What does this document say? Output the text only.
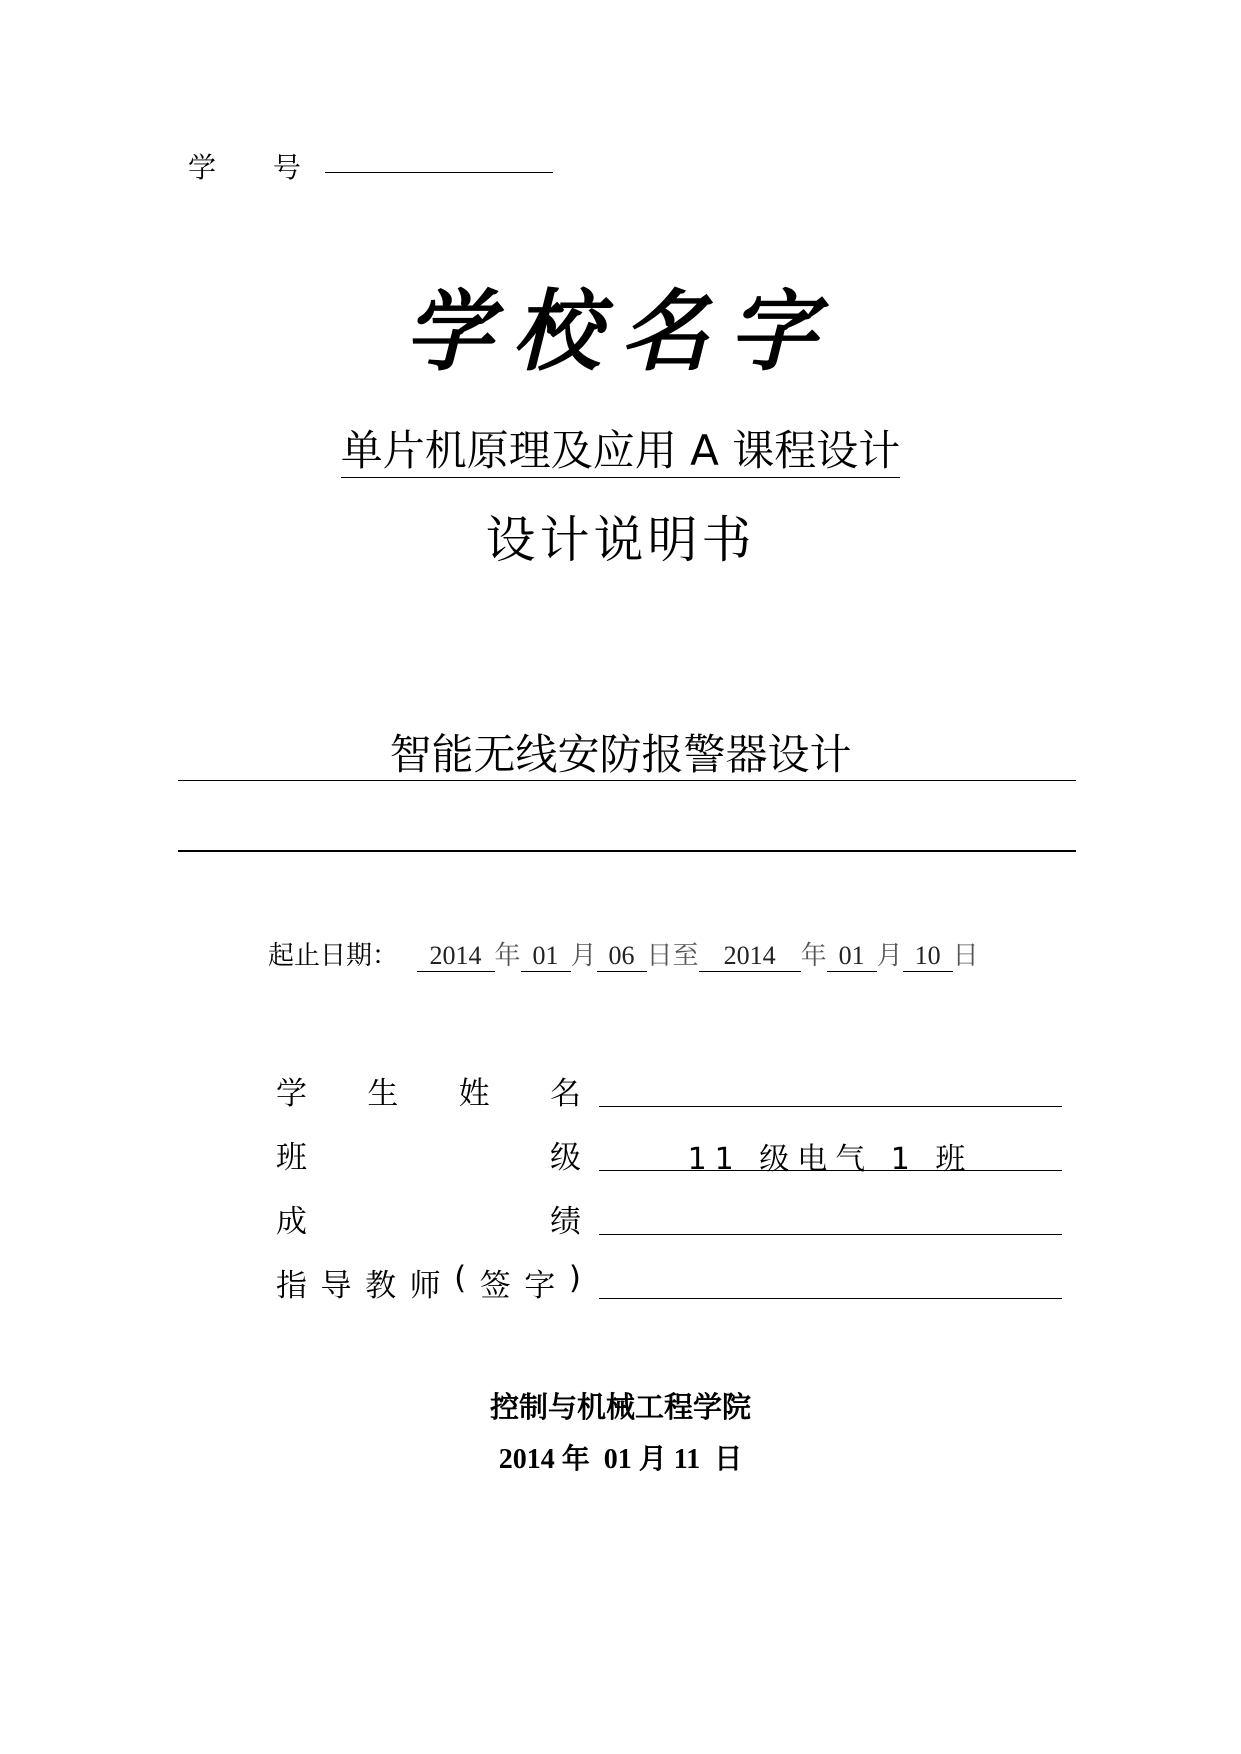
学 号
学校名字
单片机原理及应用 A 课程设计
设计说明书
智能无线安防报警器设计
起止日期： 2014 年 01 月 06 日至 2014 年 01 月 10 日
学 生 姓 名
班	级	11 级电气 1 班
成	绩
指 导 教 师 ( 签 字 )
控制与机械工程学院
2014 年 01 月 11 日
